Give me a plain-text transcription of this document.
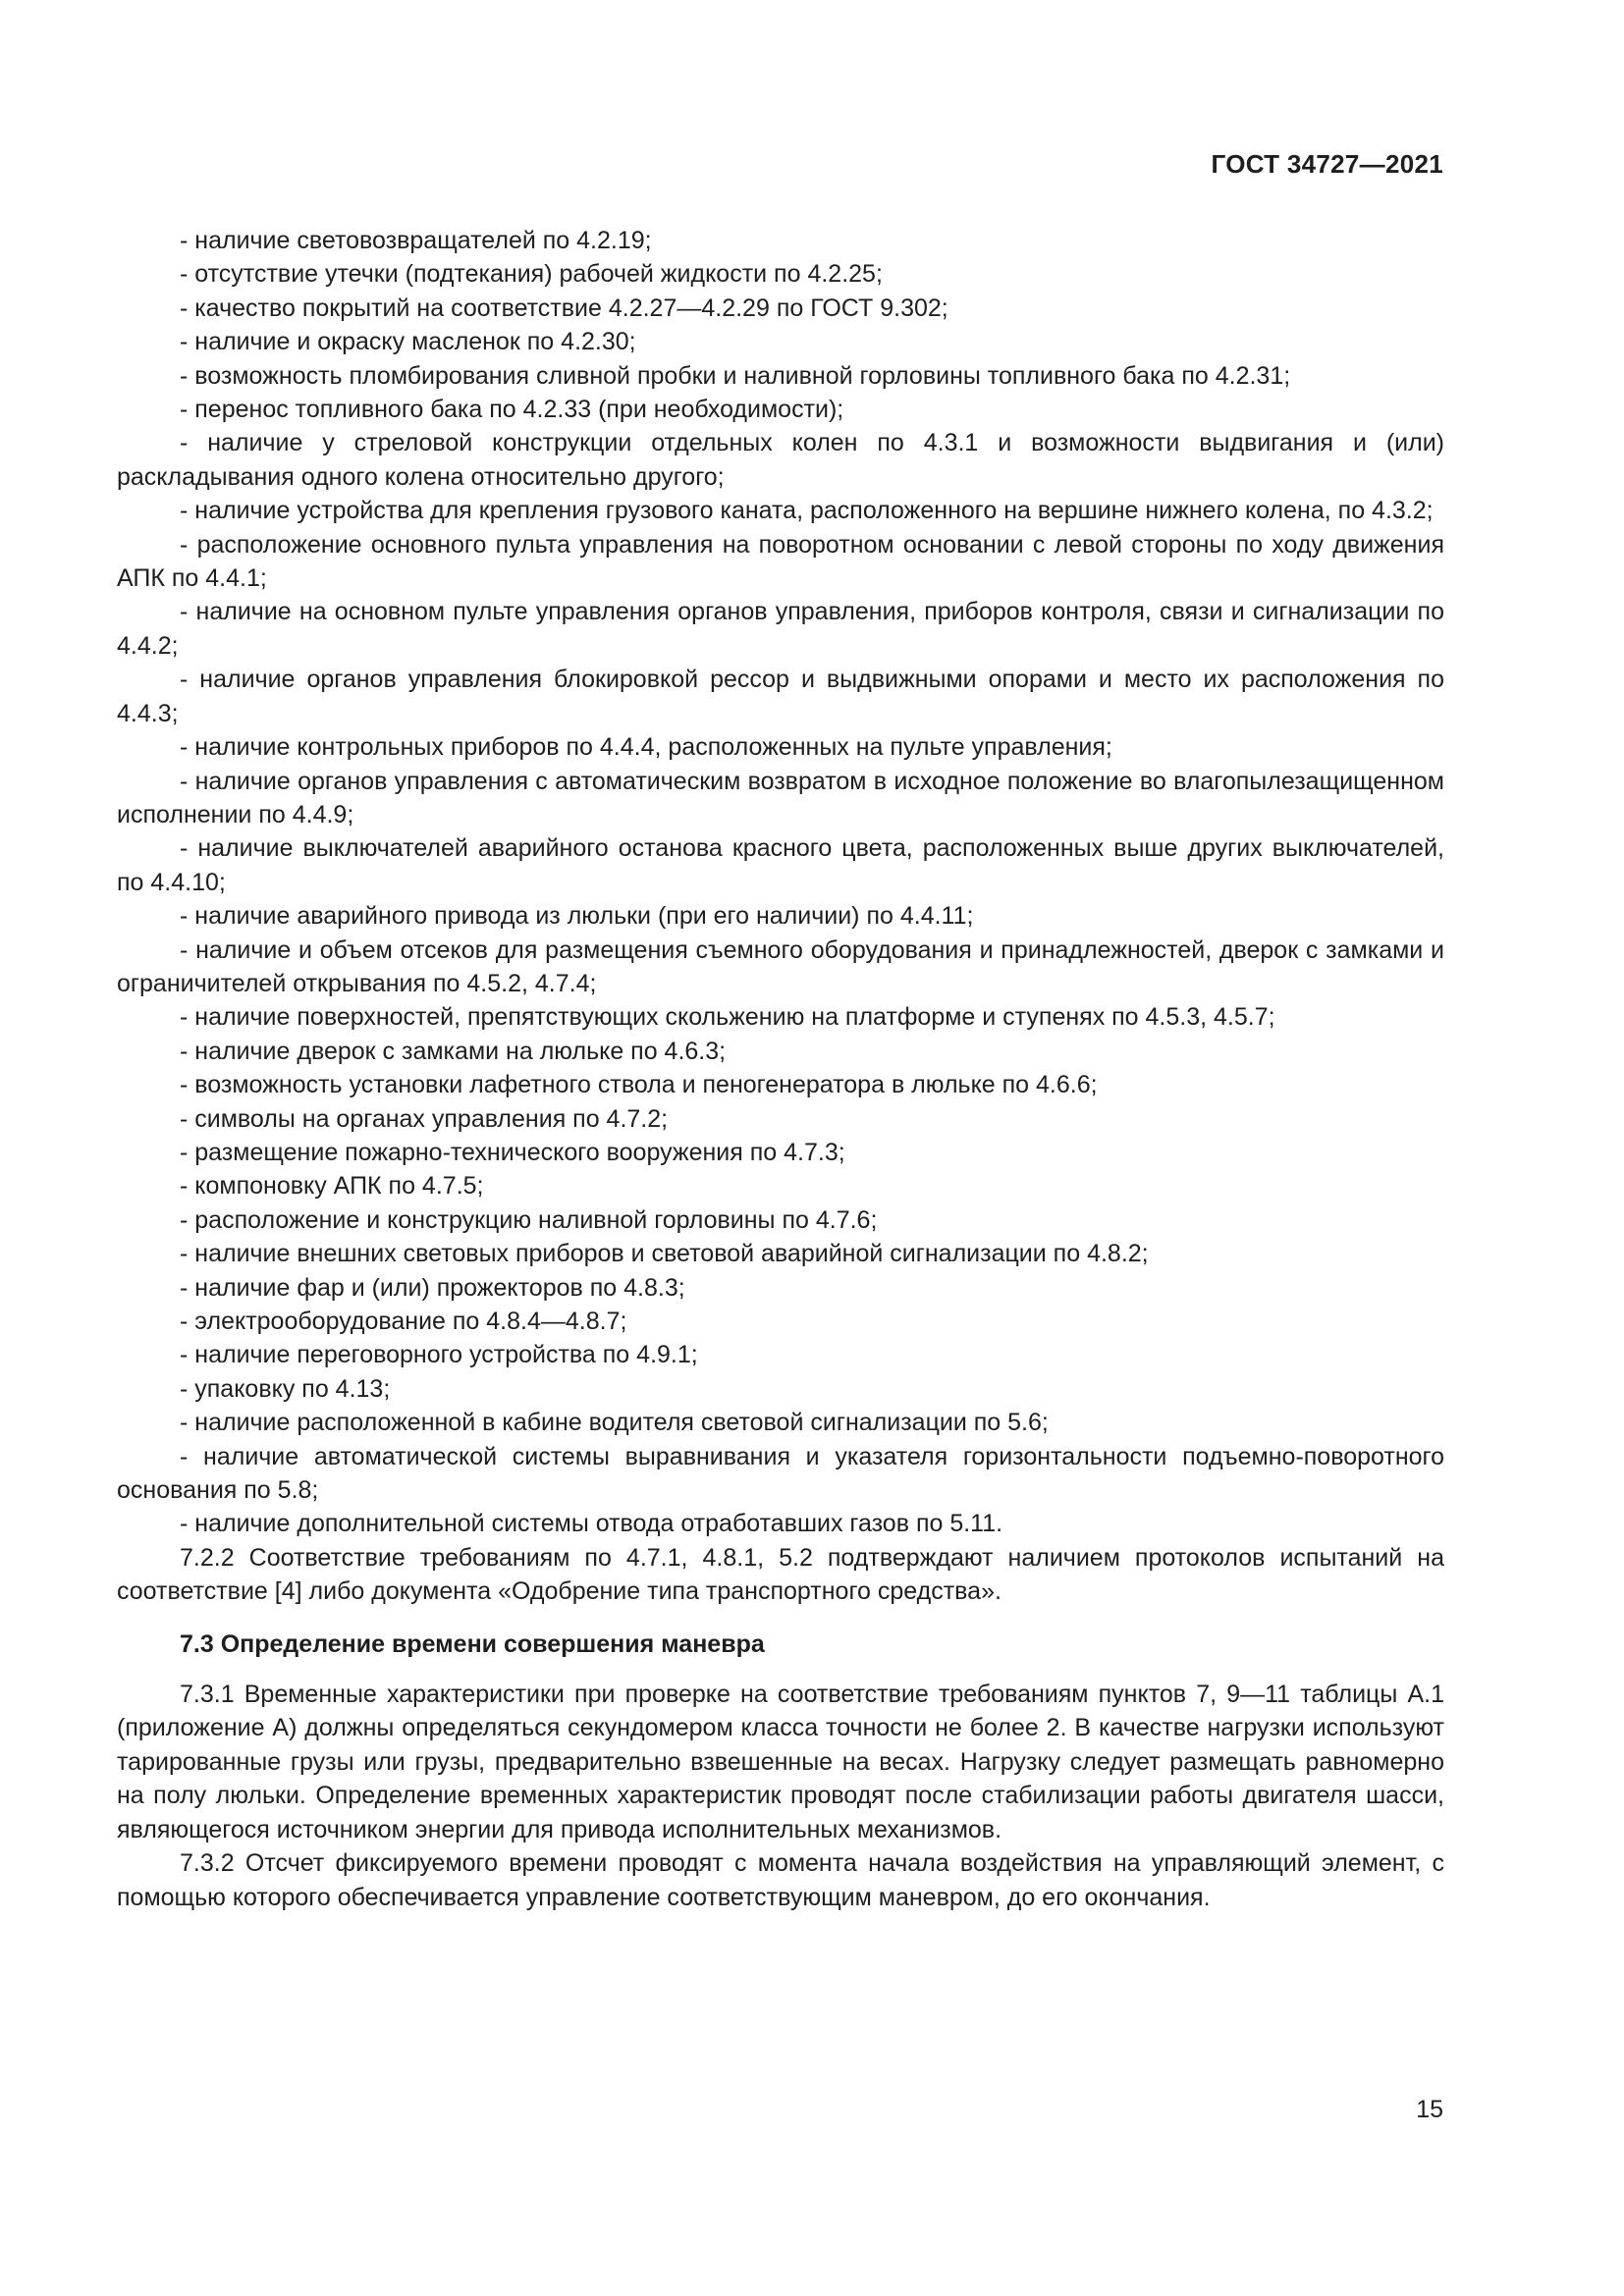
ГОСТ 34727—2021

- наличие световозвращателей по 4.2.19;

- отсутствие утечки (подтекания) рабочей жидкости по 4.2.25;

- качество покрытий на соответствие 4.2.27—4.2.29 по ГОСТ 9.302;

- наличие и окраску масленок по 4.2.30;

- возможность пломбирования сливной пробки и наливной горловины топливного бака по 4.2.31;

- перенос топливного бака по 4.2.33 (при необходимости);

- наличие у стреловой конструкции отдельных колен по 4.3.1 и возможности выдвигания и (или) раскладывания одного колена относительно другого;

- наличие устройства для крепления грузового каната, расположенного на вершине нижнего колена, по 4.3.2;

- расположение основного пульта управления на поворотном основании с левой стороны по ходу движения АПК по 4.4.1;

- наличие на основном пульте управления органов управления, приборов контроля, связи и сигнализации по 4.4.2;

- наличие органов управления блокировкой рессор и выдвижными опорами и место их расположения по 4.4.3;

- наличие контрольных приборов по 4.4.4, расположенных на пульте управления;

- наличие органов управления с автоматическим возвратом в исходное положение во влагопылезащищенном исполнении по 4.4.9;

- наличие выключателей аварийного останова красного цвета, расположенных выше других выключателей, по 4.4.10;

- наличие аварийного привода из люльки (при его наличии) по 4.4.11;

- наличие и объем отсеков для размещения съемного оборудования и принадлежностей, дверок с замками и ограничителей открывания по 4.5.2, 4.7.4;

- наличие поверхностей, препятствующих скольжению на платформе и ступенях по 4.5.3, 4.5.7;

- наличие дверок с замками на люльке по 4.6.3;

- возможность установки лафетного ствола и пеногенератора в люльке по 4.6.6;

- символы на органах управления по 4.7.2;

- размещение пожарно-технического вооружения по 4.7.3;

- компоновку АПК по 4.7.5;

- расположение и конструкцию наливной горловины по 4.7.6;

- наличие внешних световых приборов и световой аварийной сигнализации по 4.8.2;

- наличие фар и (или) прожекторов по 4.8.3;

- электрооборудование по 4.8.4—4.8.7;

- наличие переговорного устройства по 4.9.1;

- упаковку по 4.13;

- наличие расположенной в кабине водителя световой сигнализации по 5.6;

- наличие автоматической системы выравнивания и указателя горизонтальности подъемно-поворотного основания по 5.8;

- наличие дополнительной системы отвода отработавших газов по 5.11.

7.2.2 Соответствие требованиям по 4.7.1, 4.8.1, 5.2 подтверждают наличием протоколов испытаний на соответствие [4] либо документа «Одобрение типа транспортного средства».

7.3 Определение времени совершения маневра

7.3.1 Временные характеристики при проверке на соответствие требованиям пунктов 7, 9—11 таблицы А.1 (приложение А) должны определяться секундомером класса точности не более 2. В качестве нагрузки используют тарированные грузы или грузы, предварительно взвешенные на весах. Нагрузку следует размещать равномерно на полу люльки. Определение временных характеристик проводят после стабилизации работы двигателя шасси, являющегося источником энергии для привода исполнительных механизмов.

7.3.2 Отсчет фиксируемого времени проводят с момента начала воздействия на управляющий элемент, с помощью которого обеспечивается управление соответствующим маневром, до его окончания.

15
